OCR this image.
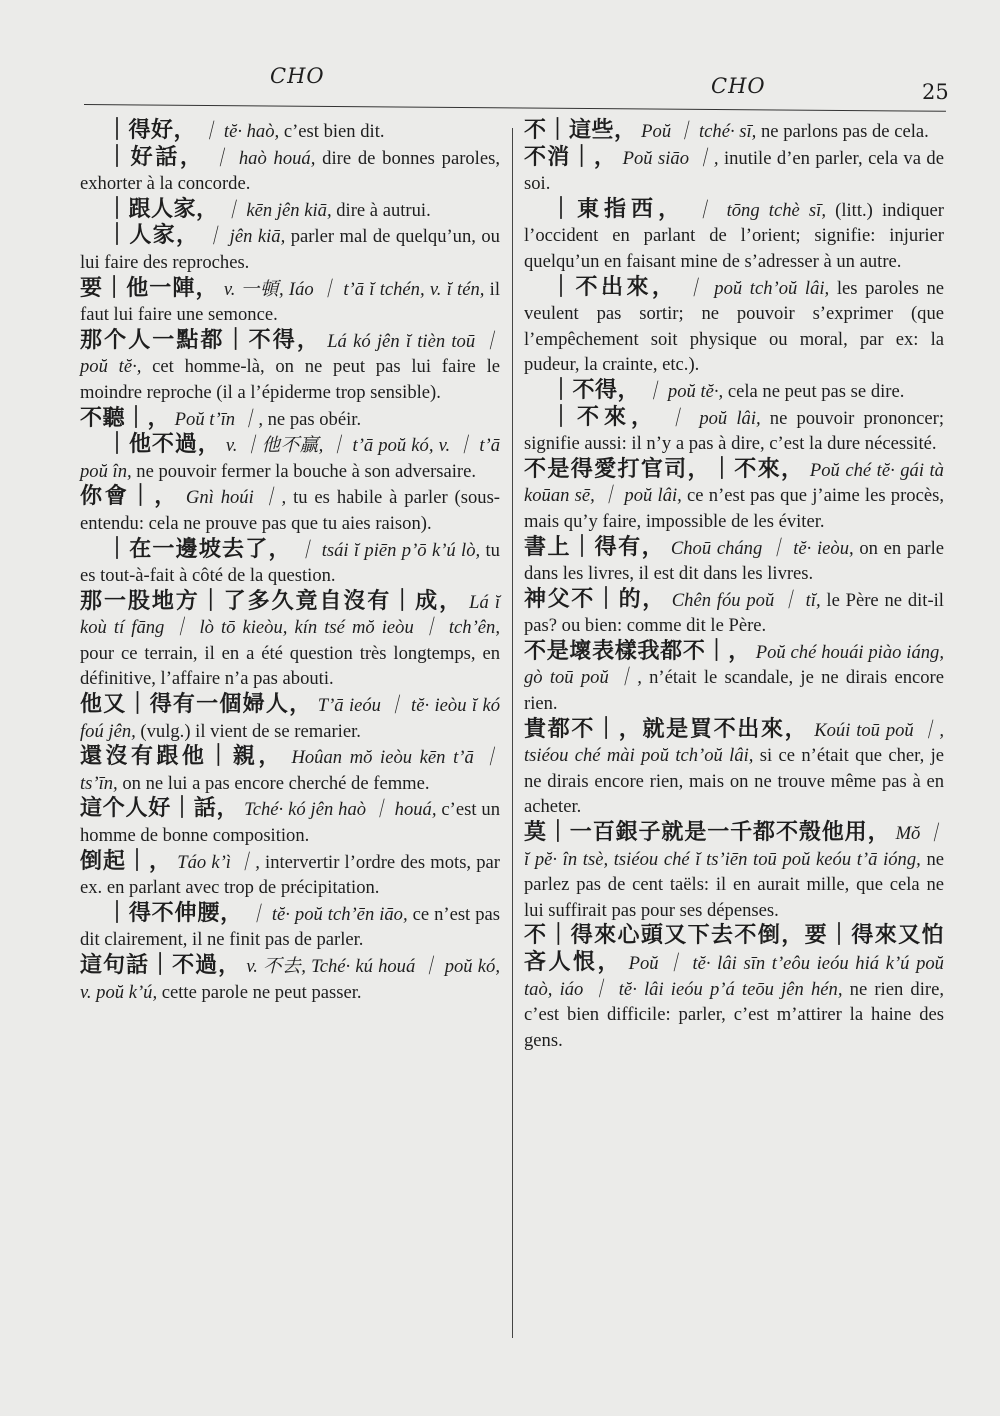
CHO	CHO	25

｜得好， ｜ tĕ· haò, c’est bien dit.

｜好話， ｜ haò houá, dire de bonnes paroles, exhorter à la concorde.

｜跟人家， ｜ kēn jên kiā, dire à autrui.

｜人家， ｜ jên kiā, parler mal de quelqu’un, ou lui faire des reproches.

要｜他一陣， v. 一頓, Iáo ｜ t’ā ĭ tchén, v. ĭ tén, il faut lui faire une semonce.

那个人一點都｜不得， Lá kó jên ĭ tièn toū ｜ poŭ tĕ·, cet homme-là, on ne peut pas lui faire le moindre reproche (il a l’épiderme trop sensible).

不聽｜， Poŭ t’īn ｜, ne pas obéir.

｜他不過， v. ｜他不贏, ｜ t’ā poŭ kó, v. ｜ t’ā poŭ în, ne pouvoir fermer la bouche à son adversaire.

你會｜， Gnì hoúi ｜, tu es habile à parler (sous-entendu: cela ne prouve pas que tu aies raison).

｜在一邊坡去了， ｜ tsái ĭ piēn p’ō k’ú lò, tu es tout-à-fait à côté de la question.

那一股地方｜了多久竟自沒有｜成， Lá ĭ koù tí fāng ｜ lò tō kieòu, kín tsé mŏ ieòu ｜ tch’ên, pour ce terrain, il en a été question très longtemps, en définitive, l’affaire n’a pas abouti.

他又｜得有一個婦人， T’ā ieóu ｜ tĕ· ieòu ĭ kó foú jên, (vulg.) il vient de se remarier.

還沒有跟他｜親， Hoûan mŏ ieòu kēn t’ā ｜ ts’īn, on ne lui a pas encore cherché de femme.

這个人好｜話， Tché· kó jên haò ｜ houá, c’est un homme de bonne composition.

倒起｜， Táo k’ì ｜, intervertir l’ordre des mots, par ex. en parlant avec trop de précipitation.

｜得不伸腰， ｜ tĕ· poŭ tch’ēn iāo, ce n’est pas dit clairement, il ne finit pas de parler.

這句話｜不過， v. 不去, Tché· kú houá ｜ poŭ kó, v. poŭ k’ú, cette parole ne peut passer.

不｜這些， Poŭ ｜ tché· sī, ne parlons pas de cela.

不消｜， Poŭ siāo ｜, inutile d’en parler, cela va de soi.

｜東指西， ｜ tōng tchè sī, (litt.) indiquer l’occident en parlant de l’orient; signifie: injurier quelqu’un en faisant mine de s’adresser à un autre.

｜不出來， ｜ poŭ tch’oŭ lâi, les paroles ne veulent pas sortir; ne pouvoir s’exprimer (que l’empêchement soit physique ou moral, par ex: la pudeur, la crainte, etc.).

｜不得， ｜ poŭ tĕ·, cela ne peut pas se dire.

｜不來， ｜ poŭ lâi, ne pouvoir prononcer; signifie aussi: il n’y a pas à dire, c’est la dure nécessité.

不是得愛打官司，｜不來， Poŭ ché tĕ· gái tà koūan sē, ｜ poŭ lâi, ce n’est pas que j’aime les procès, mais qu’y faire, impossible de les éviter.

書上｜得有， Choū cháng ｜ tĕ· ieòu, on en parle dans les livres, il est dit dans les livres.

神父不｜的， Chên fóu poŭ ｜ tĭ, le Père ne dit-il pas? ou bien: comme dit le Père.

不是壞表樣我都不｜， Poŭ ché houái piào iáng, gò toū poŭ ｜, n’était le scandale, je ne dirais encore rien.

貴都不｜，就是買不出來， Koúi toū poŭ ｜, tsiéou ché mài poŭ tch’oŭ lâi, si ce n’était que cher, je ne dirais encore rien, mais on ne trouve même pas à en acheter.

莫｜一百銀子就是一千都不殼他用， Mŏ ｜ ĭ pĕ· în tsè, tsiéou ché ĭ ts’iēn toū poŭ keóu t’ā ióng, ne parlez pas de cent taëls: il en aurait mille, que cela ne lui suffirait pas pour ses dépenses.

不｜得來心頭又下去不倒，要｜得來又怕吝人恨， Poŭ ｜ tĕ· lâi sīn t’eôu ieóu hiá k’ú poŭ taò, iáo ｜ tĕ· lâi ieóu p’á teōu jên hén, ne rien dire, c’est bien difficile: parler, c’est m’attirer la haine des gens.
